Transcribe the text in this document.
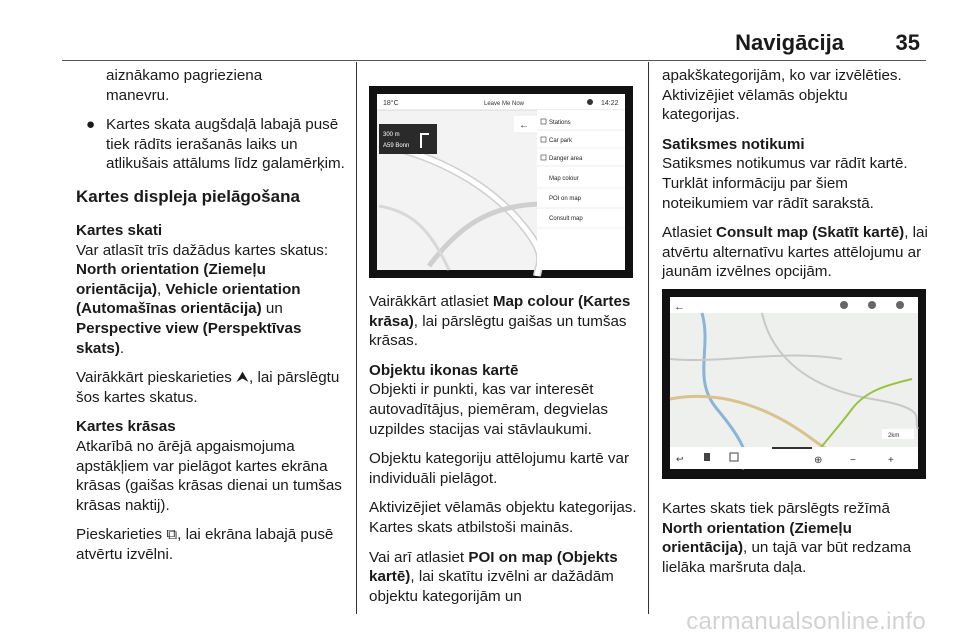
Navigācija 35
aiznākamo pagrieziena
manevru.
● Kartes skata augšdaļā labajā pusē tiek rādīts ierašanās laiks un atlikušais attālums līdz galamērķim.
Kartes displeja pielāgošana
Kartes skati

Var atlasīt trīs dažādus kartes skatus:
North orientation (Ziemeļu orientācija), Vehicle orientation (Automašīnas orientācija) un Perspective view (Perspektīvas skats).

Vairākkārt pieskarieties ⮝, lai pārslēgtu šos kartes skatus.

Kartes krāsas

Atkarībā no ārējā apgaismojuma apstākļiem var pielāgot kartes ekrāna krāsas (gaišas krāsas dienai un tumšas krāsas naktij).

Pieskarieties ⧉, lai ekrāna labajā pusē atvērtu izvēlni.

18°C	Leave Me Now	14:22
300 m
A59 Bonn
←	Stations
Car park
Danger area
Map colour
POI on map
Consult map

Vairākkārt atlasiet Map colour (Kartes krāsa), lai pārslēgtu gaišas un tumšas krāsas.

Objektu ikonas kartē

Objekti ir punkti, kas var interesēt autovadītājus, piemēram, degvielas uzpildes stacijas vai stāvlaukumi.

Objektu kategoriju attēlojumu kartē var individuāli pielāgot.

Aktivizējiet vēlamās objektu kategorijas. Kartes skats atbilstoši mainās.

Vai arī atlasiet POI on map (Objekts kartē), lai skatītu izvēlni ar dažādām objektu kategorijām un

apakškategorijām, ko var izvēlēties. Aktivizējiet vēlamās objektu kategorijas.

Satiksmes notikumi

Satiksmes notikumus var rādīt kartē. Turklāt informāciju par šiem noteikumiem var rādīt sarakstā.

Atlasiet Consult map (Skatīt kartē), lai atvērtu alternatīvu kartes attēlojumu ar jaunām izvēlnes opcijām.

←
2km
↩	⊕	−	+

Kartes skats tiek pārslēgts režīmā North orientation (Ziemeļu orientācija), un tajā var būt redzama lielāka maršruta daļa.

carmanualsonline.info
